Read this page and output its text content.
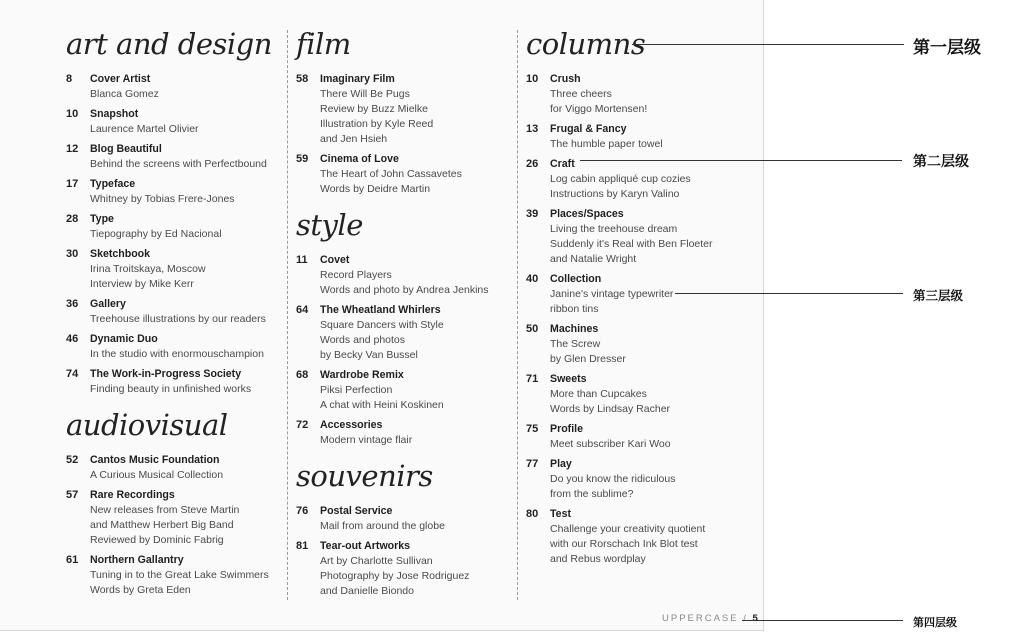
art and design
8	Cover Artist
Blanca Gomez
10	Snapshot
Laurence Martel Olivier
12	Blog Beautiful
Behind the screens with Perfectbound
17	Typeface
Whitney by Tobias Frere-Jones
28	Type
Tiepography by Ed Nacional
30	Sketchbook
Irina Troitskaya, Moscow
Interview by Mike Kerr
36	Gallery
Treehouse illustrations by our readers
46	Dynamic Duo
In the studio with enormouschampion
74	The Work-in-Progress Society
Finding beauty in unfinished works
audiovisual
52	Cantos Music Foundation
A Curious Musical Collection
57	Rare Recordings
New releases from Steve Martin
and Matthew Herbert Big Band
Reviewed by Dominic Fabrig
61	Northern Gallantry
Tuning in to the Great Lake Swimmers
Words by Greta Eden
film
58	Imaginary Film
There Will Be Pugs
Review by Buzz Mielke
Illustration by Kyle Reed
and Jen Hsieh
59	Cinema of Love
The Heart of John Cassavetes
Words by Deidre Martin
style
11	Covet
Record Players
Words and photo by Andrea Jenkins
64	The Wheatland Whirlers
Square Dancers with Style
Words and photos
by Becky Van Bussel
68	Wardrobe Remix
Piksi Perfection
A chat with Heini Koskinen
72	Accessories
Modern vintage flair
souvenirs
76	Postal Service
Mail from around the globe
81	Tear-out Artworks
Art by Charlotte Sullivan
Photography by Jose Rodriguez
and Danielle Biondo
columns
10	Crush
Three cheers
for Viggo Mortensen!
13	Frugal & Fancy
The humble paper towel
26	Craft
Log cabin appliqué cup cozies
Instructions by Karyn Valino
39	Places/Spaces
Living the treehouse dream
Suddenly it's Real with Ben Floeter
and Natalie Wright
40	Collection
Janine's vintage typewriter
ribbon tins
50	Machines
The Screw
by Glen Dresser
71	Sweets
More than Cupcakes
Words by Lindsay Racher
75	Profile
Meet subscriber Kari Woo
77	Play
Do you know the ridiculous
from the sublime?
80	Test
Challenge your creativity quotient
with our Rorschach Ink Blot test
and Rebus wordplay
UPPERCASE / 5
第一层级
第二层级
第三层级
第四层级
